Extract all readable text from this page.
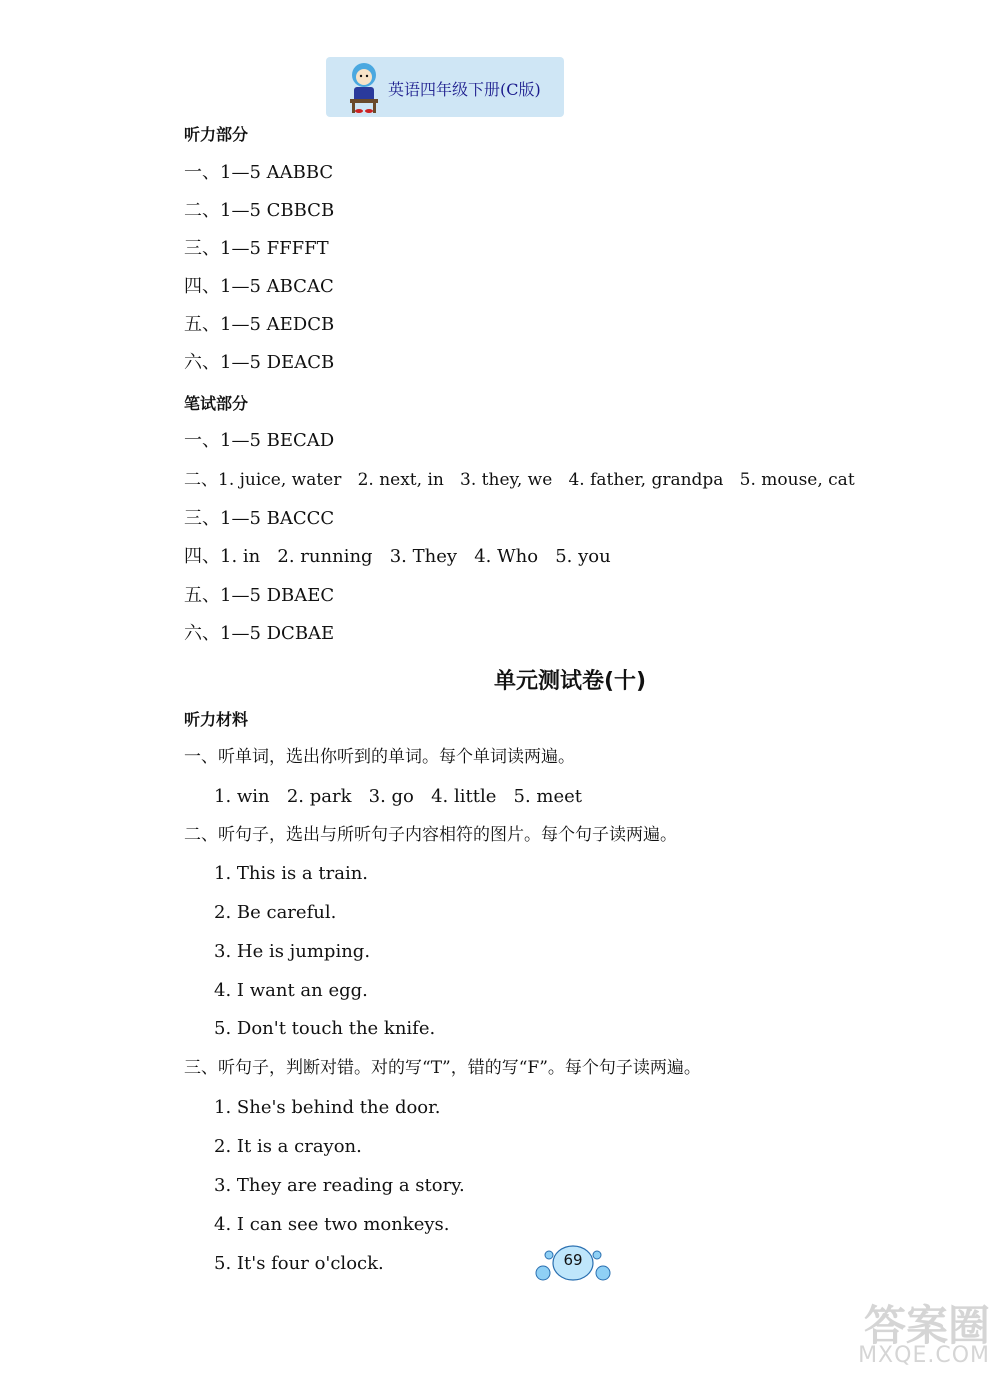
英语四年级下册(C版)
听力部分
一、1—5 AABBC
二、1—5 CBBCB
三、1—5 FFFFT
四、1—5 ABCAC
五、1—5 AEDCB
六、1—5 DEACB
笔试部分
一、1—5 BECAD
二、1. juice, water   2. next, in   3. they, we   4. father, grandpa   5. mouse, cat
三、1—5 BACCC
四、1. in   2. running   3. They   4. Who   5. you
五、1—5 DBAEC
六、1—5 DCBAE
单元测试卷(十)
听力材料
一、听单词，选出你听到的单词。每个单词读两遍。
1. win   2. park   3. go   4. little   5. meet
二、听句子，选出与所听句子内容相符的图片。每个句子读两遍。
1. This is a train.
2. Be careful.
3. He is jumping.
4. I want an egg.
5. Don't touch the knife.
三、听句子，判断对错。对的写“T”，错的写“F”。每个句子读两遍。
1. She's behind the door.
2. It is a crayon.
3. They are reading a story.
4. I can see two monkeys.
5. It's four o'clock.	69
答案圈
MXQE.COM
